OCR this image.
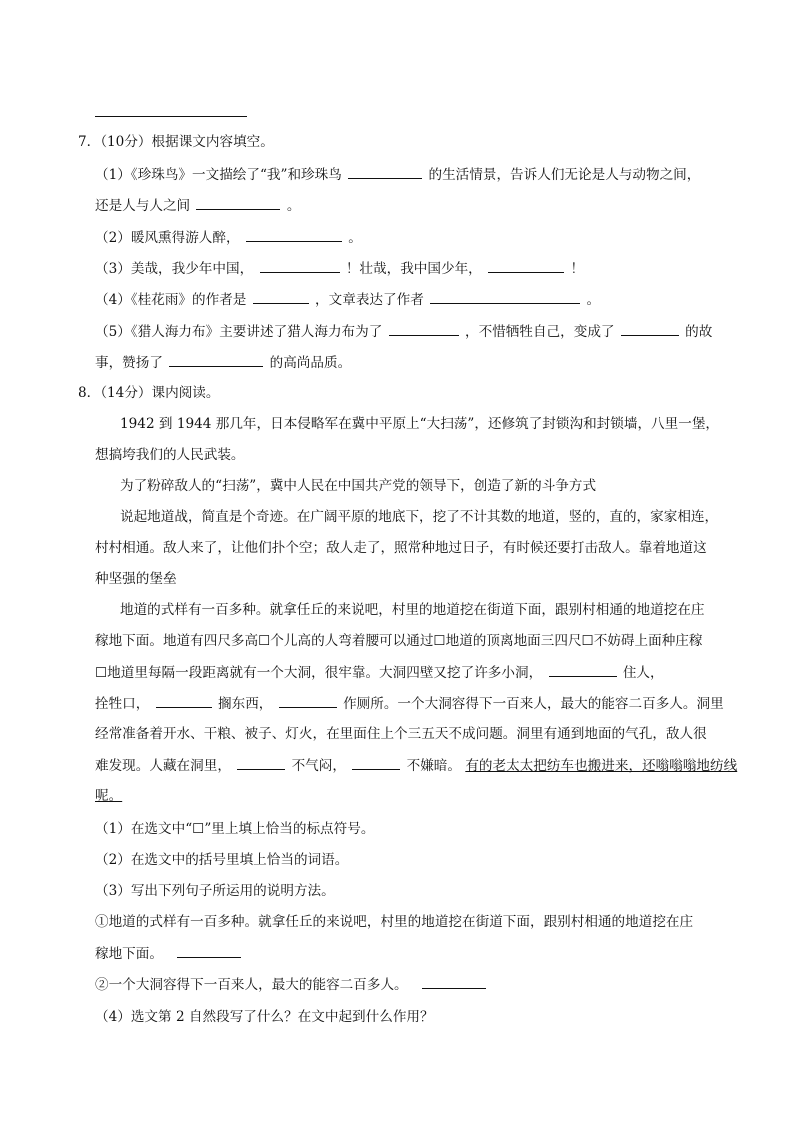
7．（10分）根据课文内容填空。
（1）《珍珠鸟》一文描绘了“我”和珍珠鸟	的生活情景，告诉人们无论是人与动物之间，
还是人与人之间	。
（2）暖风熏得游人醉，	。
（3）美哉，我少年中国，	！壮哉，我中国少年，	！
（4）《桂花雨》的作者是	，文章表达了作者	。
（5）《猎人海力布》主要讲述了猎人海力布为了	，不惜牺牲自己，变成了	的故
事，赞扬了	的高尚品质。
8．（14分）课内阅读。
1942 到 1944 那几年，日本侵略军在冀中平原上“大扫荡”，还修筑了封锁沟和封锁墙，八里一堡，
想搞垮我们的人民武装。
为了粉碎敌人的“扫荡”，冀中人民在中国共产党的领导下，创造了新的斗争方式
说起地道战，简直是个奇迹。在广阔平原的地底下，挖了不计其数的地道，竖的，直的，家家相连，
村村相通。敌人来了，让他们扑个空；敌人走了，照常种地过日子，有时候还要打击敌人。靠着地道这
种坚强的堡垒
地道的式样有一百多种。就拿任丘的来说吧，村里的地道挖在街道下面，跟别村相通的地道挖在庄
稼地下面。地道有四尺多高☐个儿高的人弯着腰可以通过☐地道的顶离地面三四尺☐不妨碍上面种庄稼
☐地道里每隔一段距离就有一个大洞，很牢靠。大洞四壁又挖了许多小洞，	住人，
拴牲口，	搁东西，	作厕所。一个大洞容得下一百来人，最大的能容二百多人。洞里
经常准备着开水、干粮、被子、灯火，在里面住上个三五天不成问题。洞里有通到地面的气孔，敌人很
难发现。人藏在洞里，	不气闷，	不嫌暗。 有的老太太把纺车也搬进来，还嗡嗡嗡地纺线
呢。
（1）在选文中“☐”里上填上恰当的标点符号。
（2）在选文中的括号里填上恰当的词语。
（3）写出下列句子所运用的说明方法。
①地道的式样有一百多种。就拿任丘的来说吧，村里的地道挖在街道下面，跟别村相通的地道挖在庄
稼地下面。
②一个大洞容得下一百来人，最大的能容二百多人。
（4）选文第 2 自然段写了什么？在文中起到什么作用？
